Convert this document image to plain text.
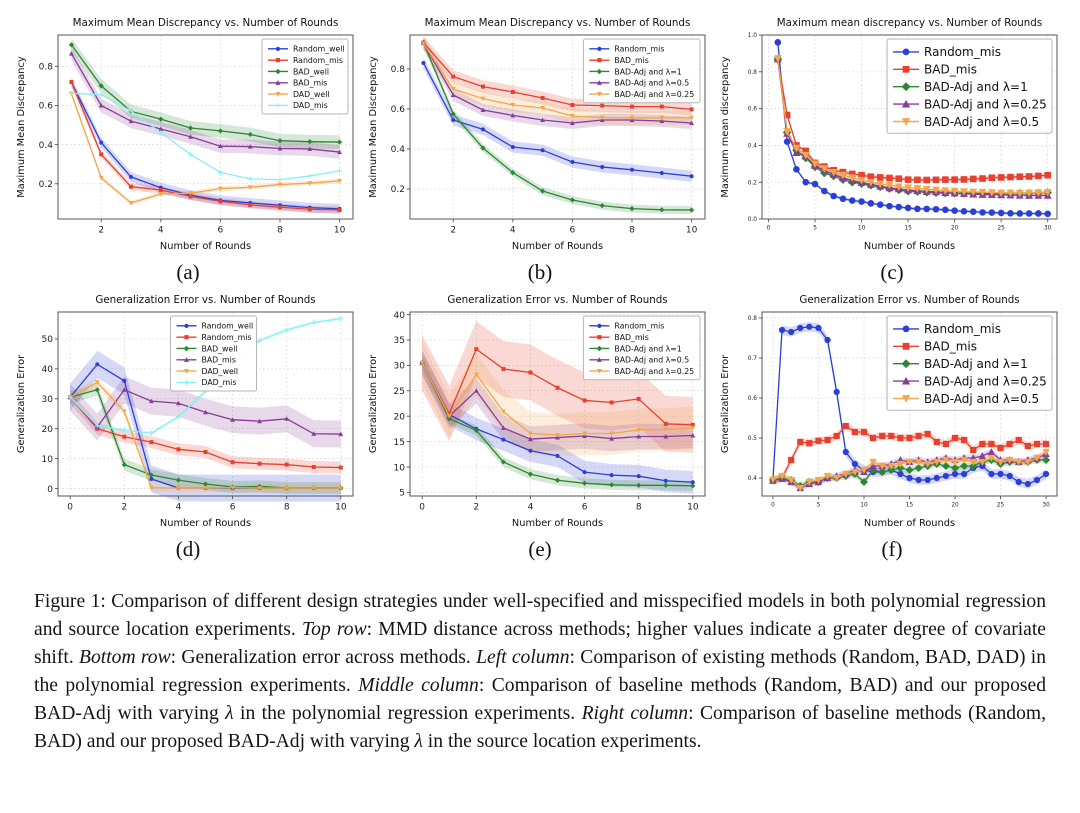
2	4	6	8	10
0.2
0.4
0.6
0.8
Maximum Mean Discrepancy vs. Number of Rounds
Number of Rounds
Maximum Mean Discrepancy
Random_well
Random_mis
BAD_well
BAD_mis
DAD_well
DAD_mis
(a)
2	4	6	8	10
0.2
0.4
0.6
0.8
Maximum Mean Discrepancy vs. Number of Rounds
Number of Rounds
Maximum Mean Discrepancy
Random_mis
BAD_mis
BAD-Adj and λ=1
BAD-Adj and λ=0.5
BAD-Adj and λ=0.25
(b)
0	5	10	15	20	25	30
0.0
0.2
0.4
0.6
0.8
1.0
Maximum mean discrepancy vs. Number of Rounds
Number of Rounds
Maximum mean discrepancy
Random_mis
BAD_mis
BAD-Adj and λ=1
BAD-Adj and λ=0.25
BAD-Adj and λ=0.5
(c)
0	2	4	6	8	10
0
10
20
30
40
50
Generalization Error vs. Number of Rounds
Number of Rounds
Generalization Error
Random_well
Random_mis
BAD_well
BAD_mis
DAD_well
DAD_mis
(d)
0	2	4	6	8	10
5
10
15
20
25
30
35
40
Generalization Error vs. Number of Rounds
Number of Rounds
Generalization Error
Random_mis
BAD_mis
BAD-Adj and λ=1
BAD-Adj and λ=0.5
BAD-Adj and λ=0.25
(e)
0	5	10	15	20	25	30
0.4
0.5
0.6
0.7
0.8
Generalization Error vs. Number of Rounds
Number of Rounds
Generalization Error
Random_mis
BAD_mis
BAD-Adj and λ=1
BAD-Adj and λ=0.25
BAD-Adj and λ=0.5
(f)

Figure 1: Comparison of different design strategies under well-specified and misspecified models in both polynomial regression and source location experiments. Top row: MMD distance across methods; higher values indicate a greater degree of covariate shift. Bottom row: Generalization error across methods. Left column: Comparison of existing methods (Random, BAD, DAD) in the polynomial regression experiments. Middle column: Comparison of baseline methods (Random, BAD) and our proposed BAD-Adj with varying λ in the polynomial regression experiments. Right column: Comparison of baseline methods (Random, BAD) and our proposed BAD-Adj with varying λ in the source location experiments.
